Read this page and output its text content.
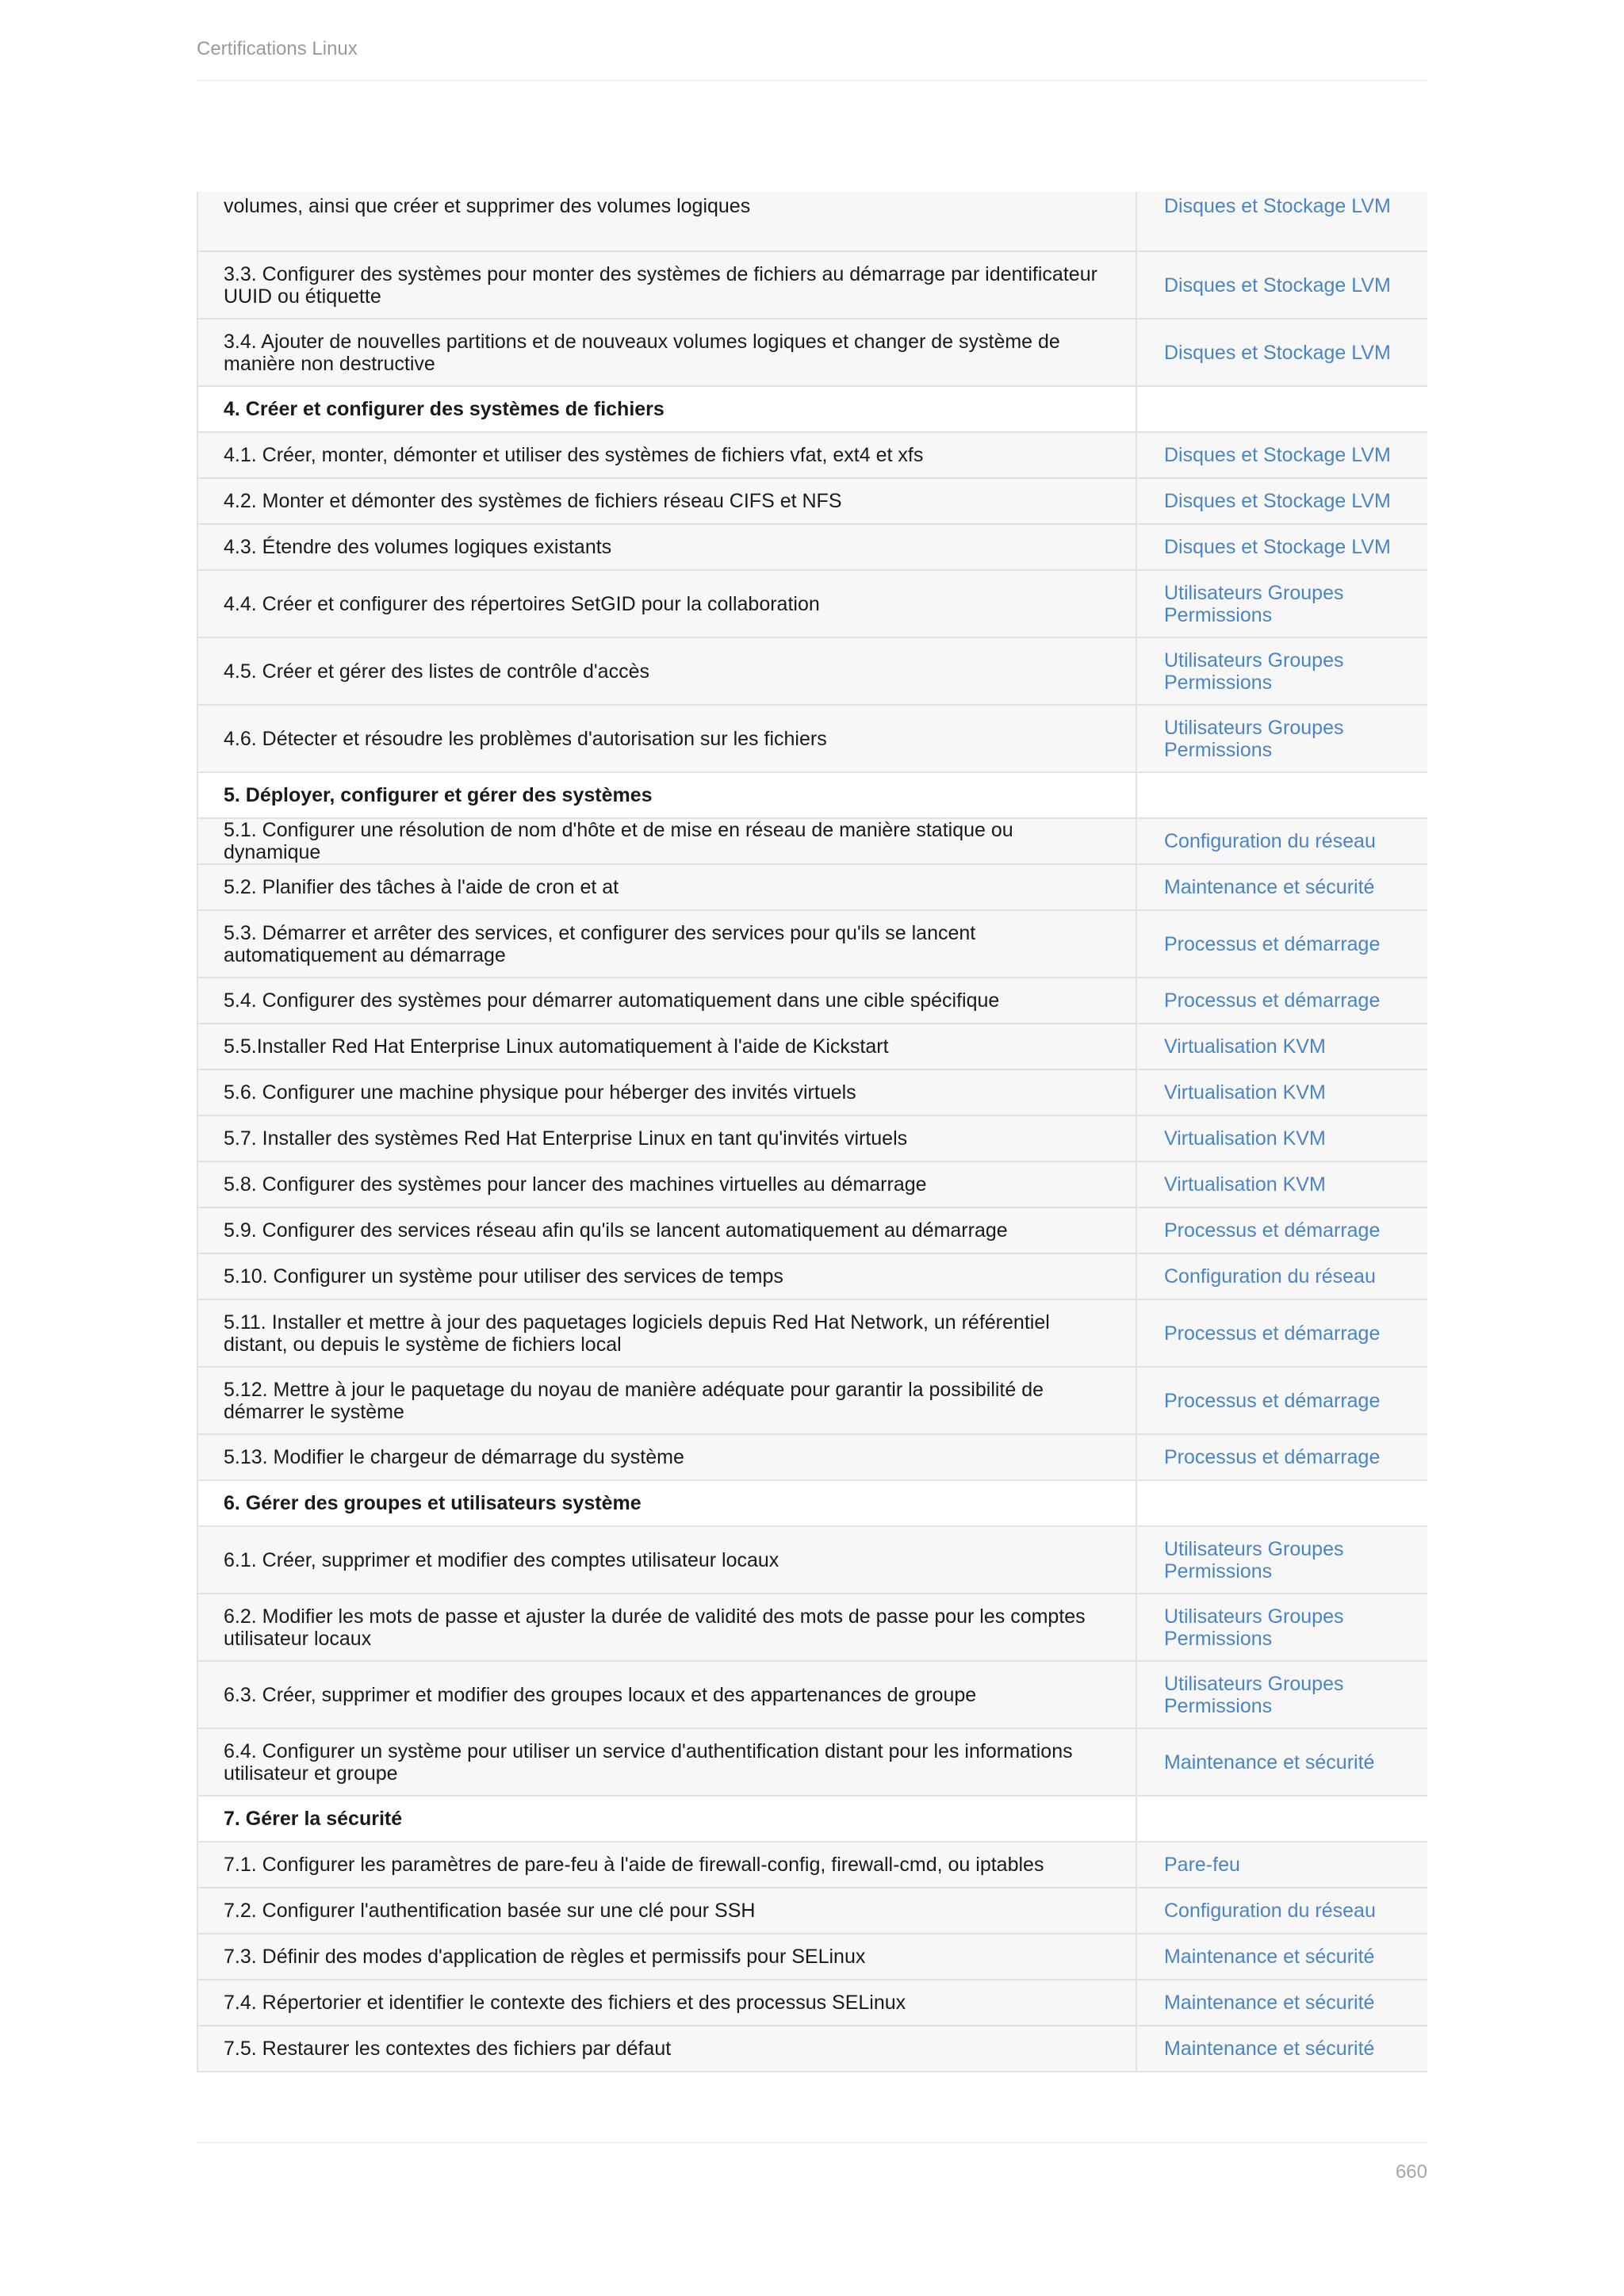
Certifications Linux
volumes, ainsi que créer et supprimer des volumes logiques	Disques et Stockage LVM
3.3. Configurer des systèmes pour monter des systèmes de fichiers au démarrage par identificateur UUID ou étiquette	Disques et Stockage LVM
3.4. Ajouter de nouvelles partitions et de nouveaux volumes logiques et changer de système de manière non destructive	Disques et Stockage LVM
4. Créer et configurer des systèmes de fichiers	
4.1. Créer, monter, démonter et utiliser des systèmes de fichiers vfat, ext4 et xfs	Disques et Stockage LVM
4.2. Monter et démonter des systèmes de fichiers réseau CIFS et NFS	Disques et Stockage LVM
4.3. Étendre des volumes logiques existants	Disques et Stockage LVM
4.4. Créer et configurer des répertoires SetGID pour la collaboration	Utilisateurs Groupes Permissions
4.5. Créer et gérer des listes de contrôle d'accès	Utilisateurs Groupes Permissions
4.6. Détecter et résoudre les problèmes d'autorisation sur les fichiers	Utilisateurs Groupes Permissions
5. Déployer, configurer et gérer des systèmes	
5.1. Configurer une résolution de nom d'hôte et de mise en réseau de manière statique ou dynamique	Configuration du réseau
5.2. Planifier des tâches à l'aide de cron et at	Maintenance et sécurité
5.3. Démarrer et arrêter des services, et configurer des services pour qu'ils se lancent automatiquement au démarrage	Processus et démarrage
5.4. Configurer des systèmes pour démarrer automatiquement dans une cible spécifique	Processus et démarrage
5.5.Installer Red Hat Enterprise Linux automatiquement à l'aide de Kickstart	Virtualisation KVM
5.6. Configurer une machine physique pour héberger des invités virtuels	Virtualisation KVM
5.7. Installer des systèmes Red Hat Enterprise Linux en tant qu'invités virtuels	Virtualisation KVM
5.8. Configurer des systèmes pour lancer des machines virtuelles au démarrage	Virtualisation KVM
5.9. Configurer des services réseau afin qu'ils se lancent automatiquement au démarrage	Processus et démarrage
5.10. Configurer un système pour utiliser des services de temps	Configuration du réseau
5.11. Installer et mettre à jour des paquetages logiciels depuis Red Hat Network, un référentiel distant, ou depuis le système de fichiers local	Processus et démarrage
5.12. Mettre à jour le paquetage du noyau de manière adéquate pour garantir la possibilité de démarrer le système	Processus et démarrage
5.13. Modifier le chargeur de démarrage du système	Processus et démarrage
6. Gérer des groupes et utilisateurs système	
6.1. Créer, supprimer et modifier des comptes utilisateur locaux	Utilisateurs Groupes Permissions
6.2. Modifier les mots de passe et ajuster la durée de validité des mots de passe pour les comptes utilisateur locaux	Utilisateurs Groupes Permissions
6.3. Créer, supprimer et modifier des groupes locaux et des appartenances de groupe	Utilisateurs Groupes Permissions
6.4. Configurer un système pour utiliser un service d'authentification distant pour les informations utilisateur et groupe	Maintenance et sécurité
7. Gérer la sécurité	
7.1. Configurer les paramètres de pare-feu à l'aide de firewall-config, firewall-cmd, ou iptables	Pare-feu
7.2. Configurer l'authentification basée sur une clé pour SSH	Configuration du réseau
7.3. Définir des modes d'application de règles et permissifs pour SELinux	Maintenance et sécurité
7.4. Répertorier et identifier le contexte des fichiers et des processus SELinux	Maintenance et sécurité
7.5. Restaurer les contextes des fichiers par défaut	Maintenance et sécurité
660
